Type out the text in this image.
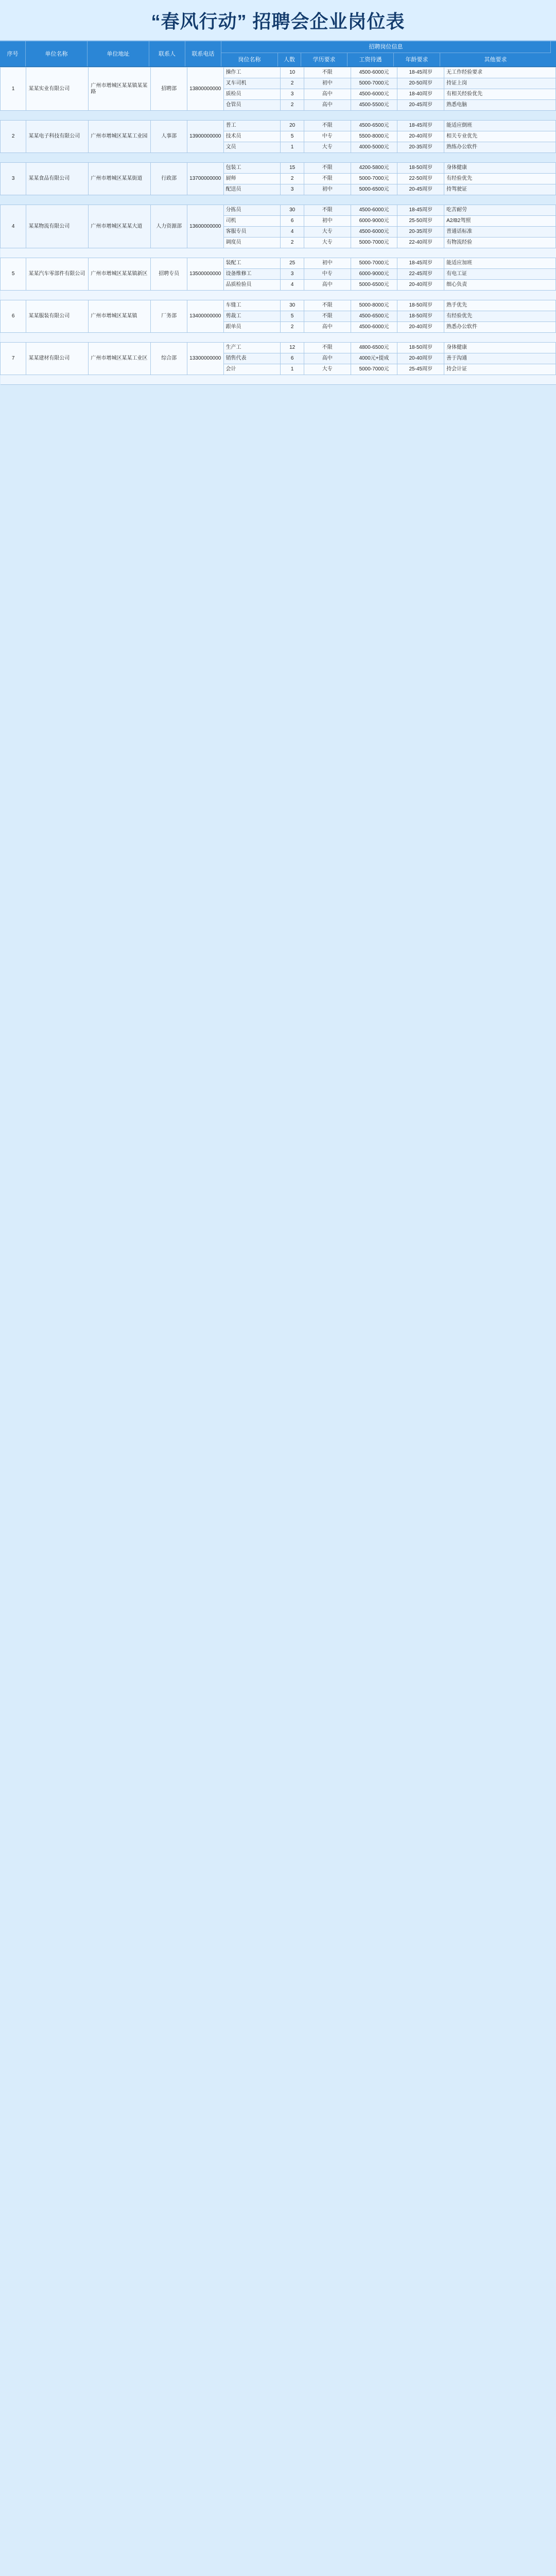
“春风行动” 招聘会企业岗位表
序号	单位名称	单位地址	联系人	联系电话
招聘岗位信息
岗位名称	人数	学历要求	工资待遇	年龄要求	其他要求
1	某某实业有限公司	广州市增城区某某镇某某路	招聘部	13800000000	操作工	10	不限	4500-6000元	18-45周岁	无工作经验要求
					叉车司机	2	初中	5000-7000元	20-50周岁	持证上岗
					质检员	3	高中	4500-6000元	18-40周岁	有相关经验优先
					仓管员	2	高中	4500-5500元	20-45周岁	熟悉电脑

2	某某电子科技有限公司	广州市增城区某某工业园	人事部	13900000000	普工	20	不限	4500-6500元	18-45周岁	能适应倒班
					技术员	5	中专	5500-8000元	20-40周岁	相关专业优先
					文员	1	大专	4000-5000元	20-35周岁	熟练办公软件

3	某某食品有限公司	广州市增城区某某街道	行政部	13700000000	包装工	15	不限	4200-5800元	18-50周岁	身体健康
					厨师	2	不限	5000-7000元	22-50周岁	有经验优先
					配送员	3	初中	5000-6500元	20-45周岁	持驾驶证

4	某某物流有限公司	广州市增城区某某大道	人力资源部	13600000000	分拣员	30	不限	4500-6000元	18-45周岁	吃苦耐劳
					司机	6	初中	6000-9000元	25-50周岁	A2/B2驾照
					客服专员	4	大专	4500-6000元	20-35周岁	普通话标准
					调度员	2	大专	5000-7000元	22-40周岁	有物流经验

5	某某汽车零部件有限公司	广州市增城区某某镇新区	招聘专员	13500000000	装配工	25	初中	5000-7000元	18-45周岁	能适应加班
					设备维修工	3	中专	6000-9000元	22-45周岁	有电工证
					品质检验员	4	高中	5000-6500元	20-40周岁	细心负责

6	某某服装有限公司	广州市增城区某某镇	厂务部	13400000000	车缝工	30	不限	5000-8000元	18-50周岁	熟手优先
					剪裁工	5	不限	4500-6500元	18-50周岁	有经验优先
					跟单员	2	高中	4500-6000元	20-40周岁	熟悉办公软件

7	某某建材有限公司	广州市增城区某某工业区	综合部	13300000000	生产工	12	不限	4800-6500元	18-50周岁	身体健康
					销售代表	6	高中	4000元+提成	20-40周岁	善于沟通
					会计	1	大专	5000-7000元	25-45周岁	持会计证
